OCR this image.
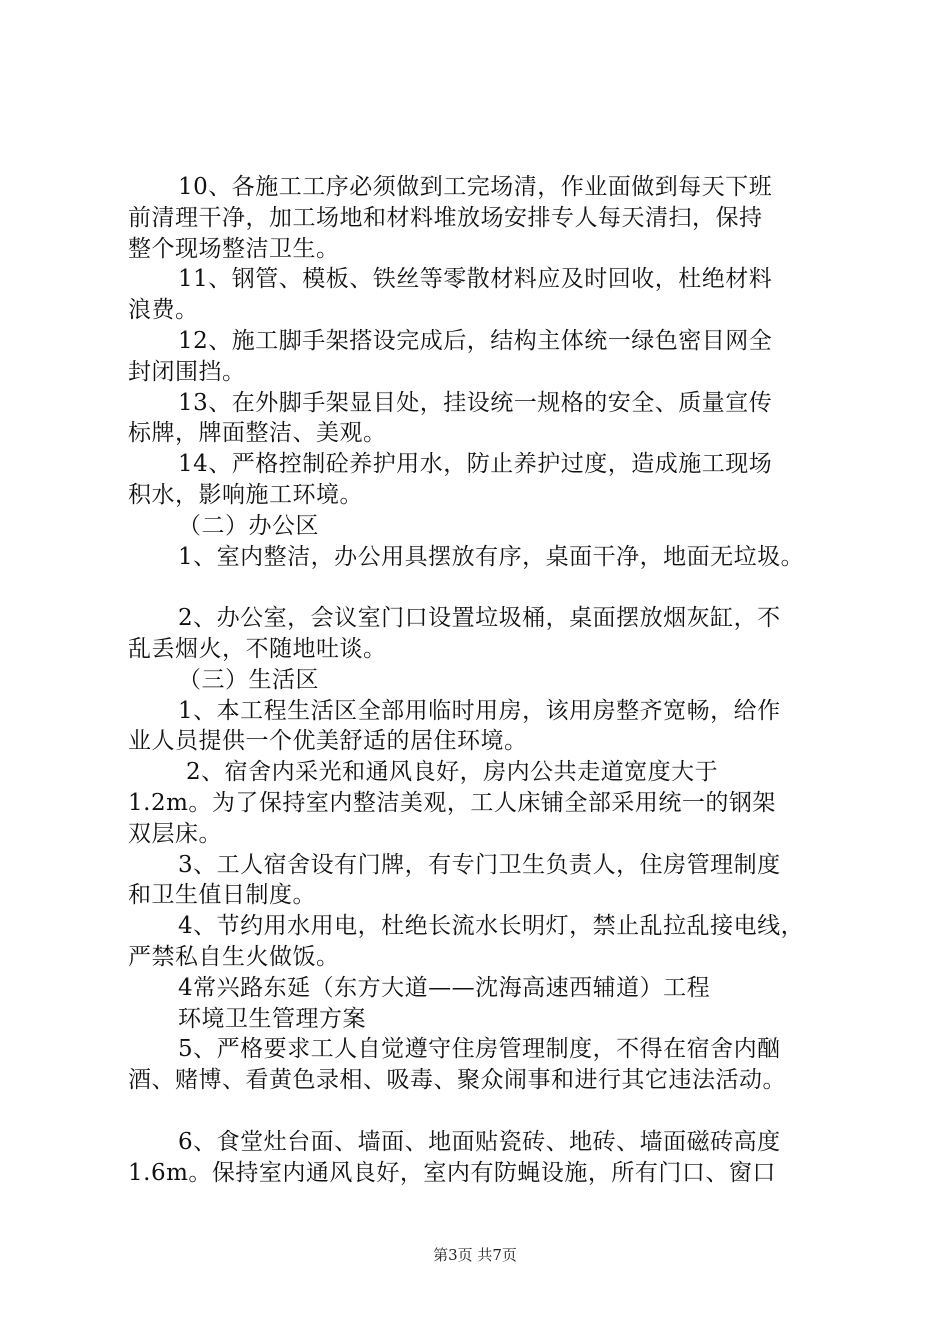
10、各施工工序必须做到工完场清，作业面做到每天下班
前清理干净，加工场地和材料堆放场安排专人每天清扫，保持
整个现场整洁卫生。
11、钢管、模板、铁丝等零散材料应及时回收，杜绝材料
浪费。
12、施工脚手架搭设完成后，结构主体统一绿色密目网全
封闭围挡。
13、在外脚手架显目处，挂设统一规格的安全、质量宣传
标牌，牌面整洁、美观。
14、严格控制砼养护用水，防止养护过度，造成施工现场
积水，影响施工环境。
（二）办公区
1、室内整洁，办公用具摆放有序，桌面干净，地面无垃圾。
2、办公室，会议室门口设置垃圾桶，桌面摆放烟灰缸，不
乱丢烟火，不随地吐谈。
（三）生活区
1、本工程生活区全部用临时用房，该用房整齐宽畅，给作
业人员提供一个优美舒适的居住环境。
2、宿舍内采光和通风良好，房内公共走道宽度大于
1.2m。为了保持室内整洁美观，工人床铺全部采用统一的钢架
双层床。
3、工人宿舍设有门牌，有专门卫生负责人，住房管理制度
和卫生值日制度。
4、节约用水用电，杜绝长流水长明灯，禁止乱拉乱接电线，
严禁私自生火做饭。
4常兴路东延（东方大道——沈海高速西辅道）工程
环境卫生管理方案
5、严格要求工人自觉遵守住房管理制度，不得在宿舍内酗
酒、赌博、看黄色录相、吸毒、聚众闹事和进行其它违法活动。
6、食堂灶台面、墙面、地面贴瓷砖、地砖、墙面磁砖高度
1.6m。保持室内通风良好，室内有防蝇设施，所有门口、窗口
第3页 共7页
